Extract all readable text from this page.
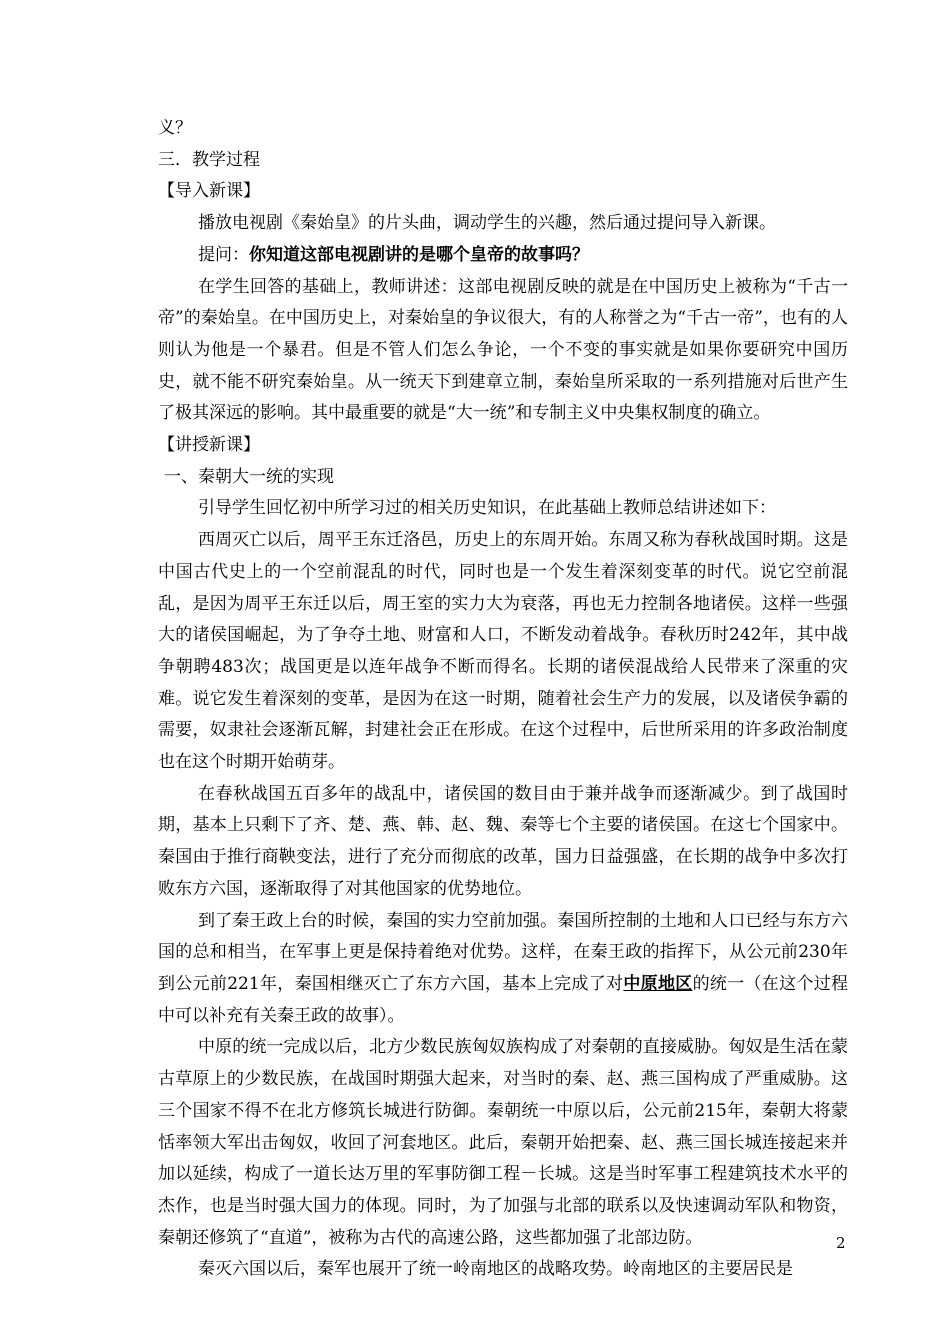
义？

三．教学过程

【导入新课】

播放电视剧《秦始皇》的片头曲，调动学生的兴趣，然后通过提问导入新课。

提问：你知道这部电视剧讲的是哪个皇帝的故事吗？

在学生回答的基础上，教师讲述：这部电视剧反映的就是在中国历史上被称为“千古一帝”的秦始皇。在中国历史上，对秦始皇的争议很大，有的人称誉之为“千古一帝”，也有的人则认为他是一个暴君。但是不管人们怎么争论，一个不变的事实就是如果你要研究中国历史，就不能不研究秦始皇。从一统天下到建章立制，秦始皇所采取的一系列措施对后世产生了极其深远的影响。其中最重要的就是“大一统”和专制主义中央集权制度的确立。

【讲授新课】

一、秦朝大一统的实现

引导学生回忆初中所学习过的相关历史知识，在此基础上教师总结讲述如下：

西周灭亡以后，周平王东迁洛邑，历史上的东周开始。东周又称为春秋战国时期。这是中国古代史上的一个空前混乱的时代，同时也是一个发生着深刻变革的时代。说它空前混乱，是因为周平王东迁以后，周王室的实力大为衰落，再也无力控制各地诸侯。这样一些强大的诸侯国崛起，为了争夺土地、财富和人口，不断发动着战争。春秋历时242年，其中战争朝聘483次；战国更是以连年战争不断而得名。长期的诸侯混战给人民带来了深重的灾难。说它发生着深刻的变革，是因为在这一时期，随着社会生产力的发展，以及诸侯争霸的需要，奴隶社会逐渐瓦解，封建社会正在形成。在这个过程中，后世所采用的许多政治制度也在这个时期开始萌芽。

在春秋战国五百多年的战乱中，诸侯国的数目由于兼并战争而逐渐减少。到了战国时期，基本上只剩下了齐、楚、燕、韩、赵、魏、秦等七个主要的诸侯国。在这七个国家中。秦国由于推行商鞅变法，进行了充分而彻底的改革，国力日益强盛，在长期的战争中多次打败东方六国，逐渐取得了对其他国家的优势地位。

到了秦王政上台的时候，秦国的实力空前加强。秦国所控制的土地和人口已经与东方六国的总和相当，在军事上更是保持着绝对优势。这样，在秦王政的指挥下，从公元前230年到公元前221年，秦国相继灭亡了东方六国，基本上完成了对中原地区的统一（在这个过程中可以补充有关秦王政的故事）。

中原的统一完成以后，北方少数民族匈奴族构成了对秦朝的直接威胁。匈奴是生活在蒙古草原上的少数民族，在战国时期强大起来，对当时的秦、赵、燕三国构成了严重威胁。这三个国家不得不在北方修筑长城进行防御。秦朝统一中原以后，公元前215年，秦朝大将蒙恬率领大军出击匈奴，收回了河套地区。此后，秦朝开始把秦、赵、燕三国长城连接起来并加以延续，构成了一道长达万里的军事防御工程－长城。这是当时军事工程建筑技术水平的杰作，也是当时强大国力的体现。同时，为了加强与北部的联系以及快速调动军队和物资，秦朝还修筑了“直道”，被称为古代的高速公路，这些都加强了北部边防。

秦灭六国以后，秦军也展开了统一岭南地区的战略攻势。岭南地区的主要居民是

2
